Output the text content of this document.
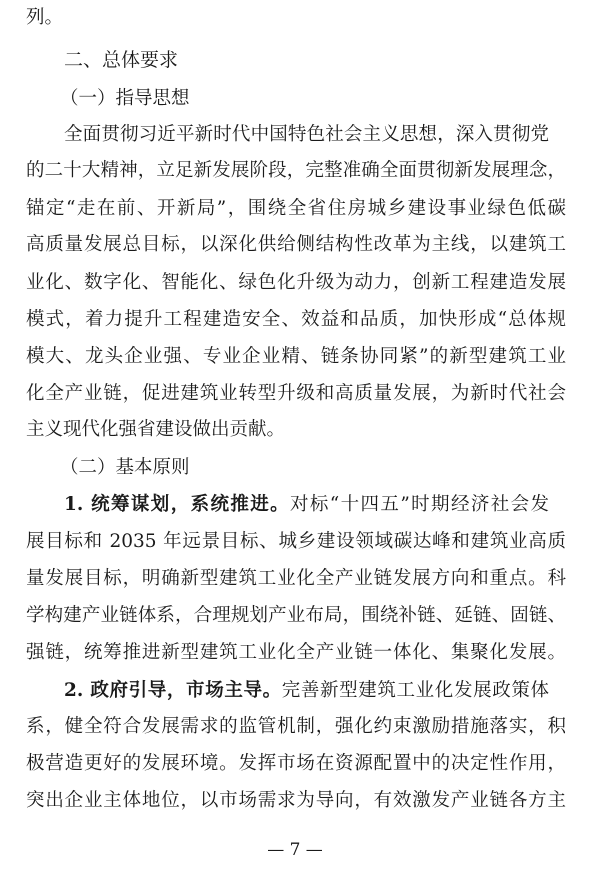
列。

二、总体要求

（一）指导思想

全面贯彻习近平新时代中国特色社会主义思想，深入贯彻党

的二十大精神，立足新发展阶段，完整准确全面贯彻新发展理念，

锚定“走在前、开新局”，围绕全省住房城乡建设事业绿色低碳

高质量发展总目标，以深化供给侧结构性改革为主线，以建筑工

业化、数字化、智能化、绿色化升级为动力，创新工程建造发展

模式，着力提升工程建造安全、效益和品质，加快形成“总体规

模大、龙头企业强、专业企业精、链条协同紧”的新型建筑工业

化全产业链，促进建筑业转型升级和高质量发展，为新时代社会

主义现代化强省建设做出贡献。

（二）基本原则

1. 统筹谋划，系统推进。对标“十四五”时期经济社会发

展目标和 2035 年远景目标、城乡建设领域碳达峰和建筑业高质

量发展目标，明确新型建筑工业化全产业链发展方向和重点。科

学构建产业链体系，合理规划产业布局，围绕补链、延链、固链、

强链，统筹推进新型建筑工业化全产业链一体化、集聚化发展。

2. 政府引导，市场主导。完善新型建筑工业化发展政策体

系，健全符合发展需求的监管机制，强化约束激励措施落实，积

极营造更好的发展环境。发挥市场在资源配置中的决定性作用，

突出企业主体地位，以市场需求为导向，有效激发产业链各方主

— 7 —
